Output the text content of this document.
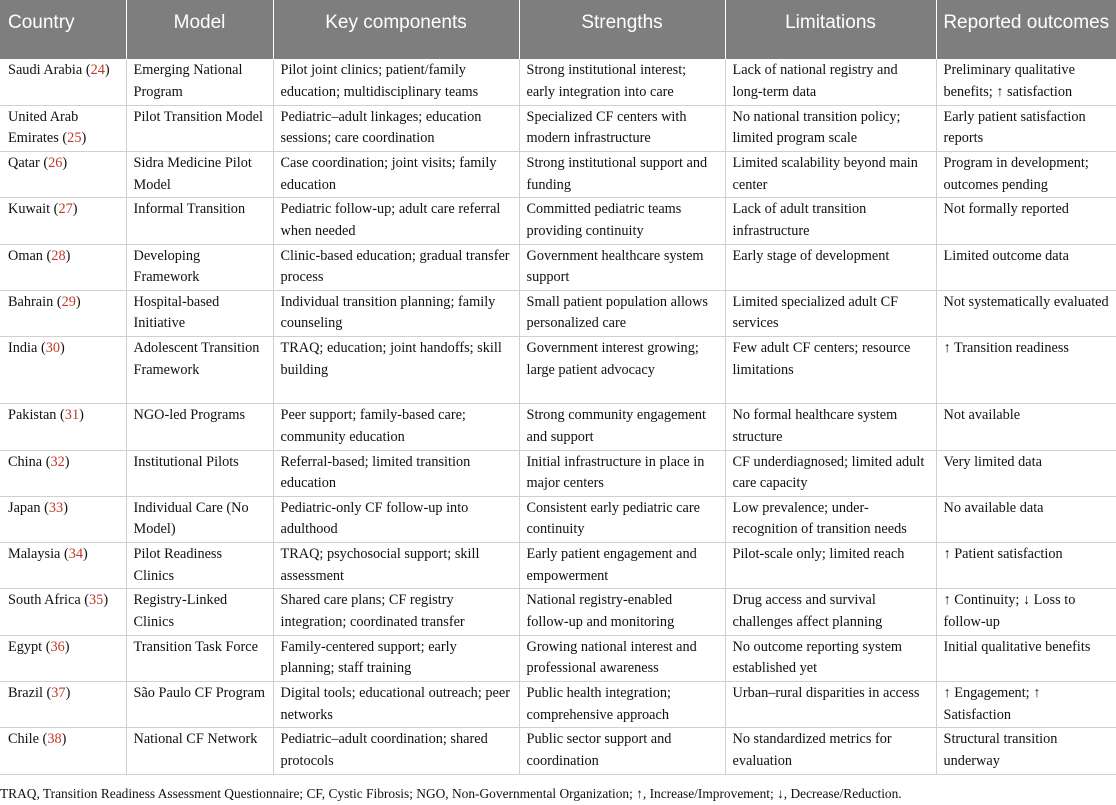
Country	Model	Key components	Strengths	Limitations	Reported outcomes
Saudi Arabia (24)	Emerging National Program	Pilot joint clinics; patient/family education; multidisciplinary teams	Strong institutional interest; early integration into care	Lack of national registry and long-term data	Preliminary qualitative benefits; ↑ satisfaction
United Arab Emirates (25)	Pilot Transition Model	Pediatric–adult linkages; education sessions; care coordination	Specialized CF centers with modern infrastructure	No national transition policy; limited program scale	Early patient satisfaction reports
Qatar (26)	Sidra Medicine Pilot Model	Case coordination; joint visits; family education	Strong institutional support and funding	Limited scalability beyond main center	Program in development; outcomes pending
Kuwait (27)	Informal Transition	Pediatric follow-up; adult care referral when needed	Committed pediatric teams providing continuity	Lack of adult transition infrastructure	Not formally reported
Oman (28)	Developing Framework	Clinic-based education; gradual transfer process	Government healthcare system support	Early stage of development	Limited outcome data
Bahrain (29)	Hospital-based Initiative	Individual transition planning; family counseling	Small patient population allows personalized care	Limited specialized adult CF services	Not systematically evaluated
India (30)	Adolescent Transition Framework	TRAQ; education; joint handoffs; skill building	Government interest growing; large patient advocacy	Few adult CF centers; resource limitations	↑ Transition readiness
Pakistan (31)	NGO-led Programs	Peer support; family-based care; community education	Strong community engagement and support	No formal healthcare system structure	Not available
China (32)	Institutional Pilots	Referral-based; limited transition education	Initial infrastructure in place in major centers	CF underdiagnosed; limited adult care capacity	Very limited data
Japan (33)	Individual Care (No Model)	Pediatric-only CF follow-up into adulthood	Consistent early pediatric care continuity	Low prevalence; under-recognition of transition needs	No available data
Malaysia (34)	Pilot Readiness Clinics	TRAQ; psychosocial support; skill assessment	Early patient engagement and empowerment	Pilot-scale only; limited reach	↑ Patient satisfaction
South Africa (35)	Registry-Linked Clinics	Shared care plans; CF registry integration; coordinated transfer	National registry-enabled follow-up and monitoring	Drug access and survival challenges affect planning	↑ Continuity; ↓ Loss to follow-up
Egypt (36)	Transition Task Force	Family-centered support; early planning; staff training	Growing national interest and professional awareness	No outcome reporting system established yet	Initial qualitative benefits
Brazil (37)	São Paulo CF Program	Digital tools; educational outreach; peer networks	Public health integration; comprehensive approach	Urban–rural disparities in access	↑ Engagement; ↑ Satisfaction
Chile (38)	National CF Network	Pediatric–adult coordination; shared protocols	Public sector support and coordination	No standardized metrics for evaluation	Structural transition underway
TRAQ, Transition Readiness Assessment Questionnaire; CF, Cystic Fibrosis; NGO, Non-Governmental Organization; ↑, Increase/Improvement; ↓, Decrease/Reduction.
